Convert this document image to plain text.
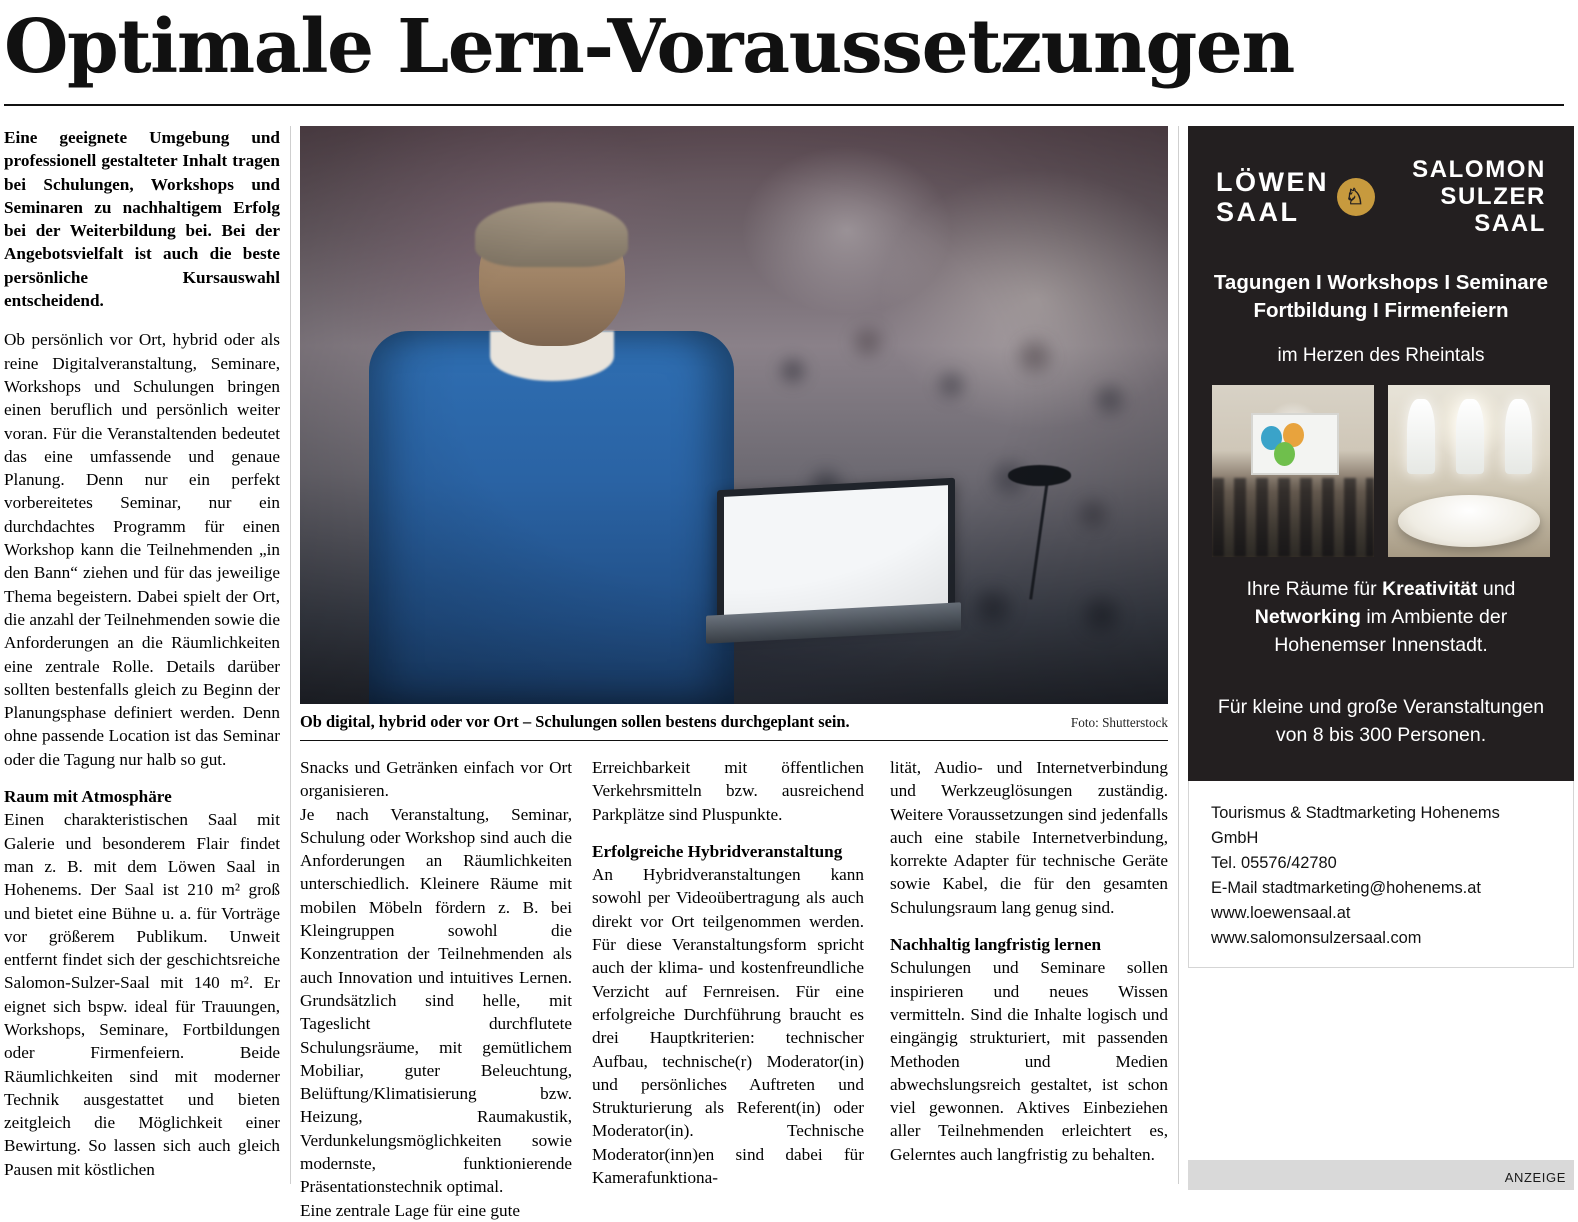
Optimale Lern-Voraussetzungen

Eine geeignete Umgebung und professionell gestalteter Inhalt tragen bei Schulungen, Workshops und Seminaren zu nachhaltigem Erfolg bei der Weiterbildung bei. Bei der Angebotsvielfalt ist auch die beste persönliche Kursauswahl entscheidend.

Ob persönlich vor Ort, hybrid oder als reine Digitalveranstaltung, Seminare, Workshops und Schulungen bringen einen beruflich und persönlich weiter voran. Für die Veranstaltenden bedeutet das eine umfassende und genaue Planung. Denn nur ein perfekt vorbereitetes Seminar, nur ein durchdachtes Programm für einen Workshop kann die Teilnehmenden „in den Bann“ ziehen und für das jeweilige Thema begeistern. Dabei spielt der Ort, die anzahl der Teilnehmenden sowie die Anforderungen an die Räumlichkeiten eine zentrale Rolle. Details darüber sollten bestenfalls gleich zu Beginn der Planungsphase definiert werden. Denn ohne passende Location ist das Seminar oder die Tagung nur halb so gut.

Raum mit Atmosphäre

Einen charakteristischen Saal mit Galerie und besonderem Flair findet man z. B. mit dem Löwen Saal in Hohenems. Der Saal ist 210 m² groß und bietet eine Bühne u. a. für Vorträge vor größerem Publikum. Unweit entfernt findet sich der geschichtsreiche Salomon-Sulzer-Saal mit 140 m². Er eignet sich bspw. ideal für Trauungen, Workshops, Seminare, Fortbildungen oder Firmenfeiern. Beide Räumlichkeiten sind mit moderner Technik ausgestattet und bieten zeitgleich die Möglichkeit einer Bewirtung. So lassen sich auch gleich Pausen mit köstlichen

Ob digital, hybrid oder vor Ort – Schulungen sollen bestens durchgeplant sein.	Foto: Shutterstock

Snacks und Getränken einfach vor Ort organisieren.

Je nach Veranstaltung, Seminar, Schulung oder Workshop sind auch die Anforderungen an Räumlichkeiten unterschiedlich. Kleinere Räume mit mobilen Möbeln fördern z. B. bei Kleingruppen sowohl die Konzentration der Teilnehmenden als auch Innovation und intuitives Lernen. Grundsätzlich sind helle, mit Tageslicht durchflutete Schulungsräume, mit gemütlichem Mobiliar, guter Beleuchtung, Belüftung/Klimatisierung bzw. Heizung, Raumakustik, Verdunkelungsmöglichkeiten sowie modernste, funktionierende Präsentationstechnik optimal.

Eine zentrale Lage für eine gute

Erreichbarkeit mit öffentlichen Verkehrsmitteln bzw. ausreichend Parkplätze sind Pluspunkte.

Erfolgreiche Hybridveranstaltung

An Hybridveranstaltungen kann sowohl per Videoübertragung als auch direkt vor Ort teilgenommen werden. Für diese Veranstaltungsform spricht auch der klima- und kostenfreundliche Verzicht auf Fernreisen. Für eine erfolgreiche Durchführung braucht es drei Hauptkriterien: technischer Aufbau, technische(r) Moderator(in) und persönliches Auftreten und Strukturierung als Referent(in) oder Moderator(in). Technische Moderator(inn)en sind dabei für Kamerafunktiona-

lität, Audio- und Internetverbindung und Werkzeuglösungen zuständig. Weitere Voraussetzungen sind jedenfalls auch eine stabile Internetverbindung, korrekte Adapter für technische Geräte sowie Kabel, die für den gesamten Schulungsraum lang genug sind.

Nachhaltig langfristig lernen

Schulungen und Seminare sollen inspirieren und neues Wissen vermitteln. Sind die Inhalte logisch und eingängig strukturiert, mit passenden Methoden und Medien abwechslungsreich gestaltet, ist schon viel gewonnen. Aktives Einbeziehen aller Teilnehmenden erleichtert es, Gelerntes auch langfristig zu behalten.

LÖWEN
SAAL
♘
SALOMON
SULZER
SAAL
Tagungen I Workshops I Seminare
Fortbildung I Firmenfeiern
im Herzen des Rheintals
Ihre Räume für Kreativität und Networking im Ambiente der Hohenemser Innenstadt.
Für kleine und große Veranstaltungen
von 8 bis 300 Personen.
Tourismus & Stadtmarketing Hohenems GmbH
Tel. 05576/42780
E-Mail stadtmarketing@hohenems.at
www.loewensaal.at
www.salomonsulzersaal.com
ANZEIGE
